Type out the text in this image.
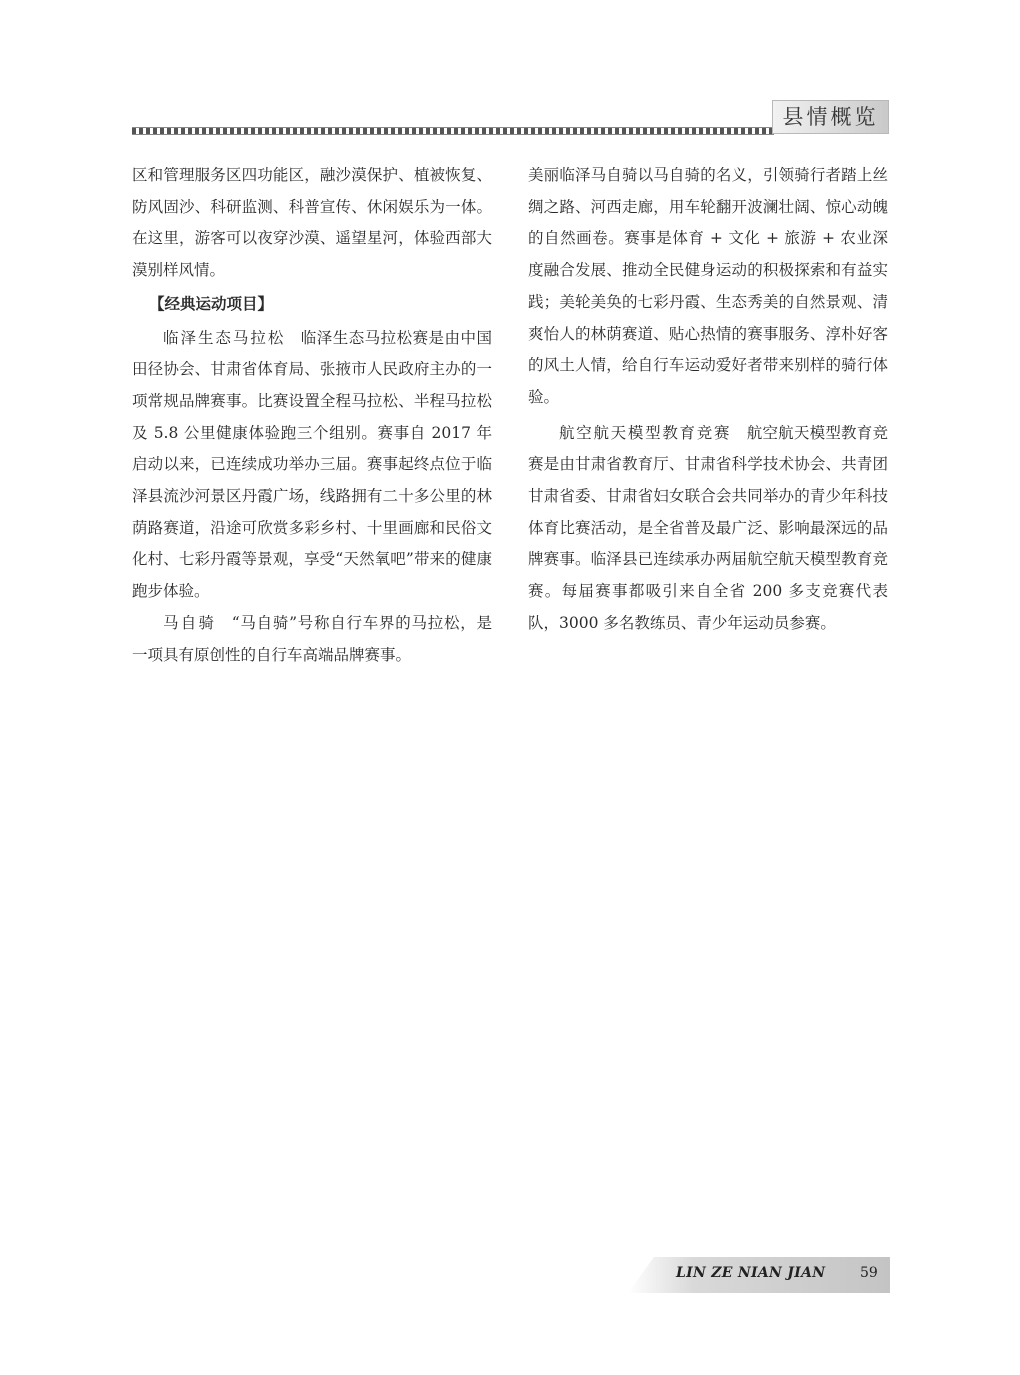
县情概览

区和管理服务区四功能区，融沙漠保护、植被恢复、防风固沙、科研监测、科普宣传、休闲娱乐为一体。在这里，游客可以夜穿沙漠、遥望星河，体验西部大漠别样风情。

【经典运动项目】

临泽生态马拉松 临泽生态马拉松赛是由中国田径协会、甘肃省体育局、张掖市人民政府主办的一项常规品牌赛事。比赛设置全程马拉松、半程马拉松及 5.8 公里健康体验跑三个组别。赛事自 2017 年启动以来，已连续成功举办三届。赛事起终点位于临泽县流沙河景区丹霞广场，线路拥有二十多公里的林荫路赛道，沿途可欣赏多彩乡村、十里画廊和民俗文化村、七彩丹霞等景观，享受“天然氧吧”带来的健康跑步体验。

马自骑 “马自骑”号称自行车界的马拉松，是一项具有原创性的自行车高端品牌赛事。

美丽临泽马自骑以马自骑的名义，引领骑行者踏上丝绸之路、河西走廊，用车轮翻开波澜壮阔、惊心动魄的自然画卷。赛事是体育 + 文化 + 旅游 + 农业深度融合发展、推动全民健身运动的积极探索和有益实践；美轮美奂的七彩丹霞、生态秀美的自然景观、清爽怡人的林荫赛道、贴心热情的赛事服务、淳朴好客的风土人情，给自行车运动爱好者带来别样的骑行体验。

航空航天模型教育竞赛 航空航天模型教育竞赛是由甘肃省教育厅、甘肃省科学技术协会、共青团甘肃省委、甘肃省妇女联合会共同举办的青少年科技体育比赛活动，是全省普及最广泛、影响最深远的品牌赛事。临泽县已连续承办两届航空航天模型教育竞赛。每届赛事都吸引来自全省 200 多支竞赛代表队，3000 多名教练员、青少年运动员参赛。

LIN ZE NIAN JIAN 59
